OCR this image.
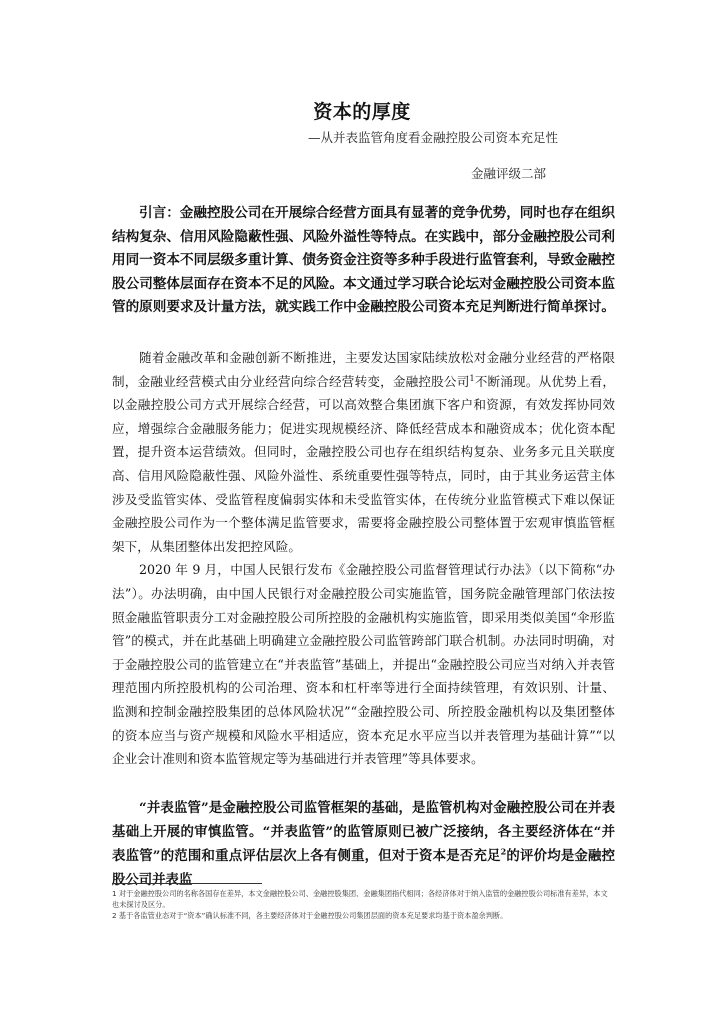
资本的厚度
—从并表监管角度看金融控股公司资本充足性
金融评级二部

引言：金融控股公司在开展综合经营方面具有显著的竞争优势，同时也存在组织结构复杂、信用风险隐蔽性强、风险外溢性等特点。在实践中，部分金融控股公司利用同一资本不同层级多重计算、债务资金注资等多种手段进行监管套利，导致金融控股公司整体层面存在资本不足的风险。本文通过学习联合论坛对金融控股公司资本监管的原则要求及计量方法，就实践工作中金融控股公司资本充足判断进行简单探讨。

随着金融改革和金融创新不断推进，主要发达国家陆续放松对金融分业经营的严格限制，金融业经营模式由分业经营向综合经营转变，金融控股公司$^1$不断涌现。从优势上看，以金融控股公司方式开展综合经营，可以高效整合集团旗下客户和资源，有效发挥协同效应，增强综合金融服务能力；促进实现规模经济、降低经营成本和融资成本；优化资本配置，提升资本运营绩效。但同时，金融控股公司也存在组织结构复杂、业务多元且关联度高、信用风险隐蔽性强、风险外溢性、系统重要性强等特点，同时，由于其业务运营主体涉及受监管实体、受监管程度偏弱实体和未受监管实体，在传统分业监管模式下难以保证金融控股公司作为一个整体满足监管要求，需要将金融控股公司整体置于宏观审慎监管框架下，从集团整体出发把控风险。

2020 年 9 月，中国人民银行发布《金融控股公司监督管理试行办法》（以下简称“办法”）。办法明确，由中国人民银行对金融控股公司实施监管，国务院金融管理部门依法按照金融监管职责分工对金融控股公司所控股的金融机构实施监管，即采用类似美国“伞形监管”的模式，并在此基础上明确建立金融控股公司监管跨部门联合机制。办法同时明确，对于金融控股公司的监管建立在“并表监管”基础上，并提出“金融控股公司应当对纳入并表管理范围内所控股机构的公司治理、资本和杠杆率等进行全面持续管理，有效识别、计量、监测和控制金融控股集团的总体风险状况”“金融控股公司、所控股金融机构以及集团整体的资本应当与资产规模和风险水平相适应，资本充足水平应当以并表管理为基础计算”“以企业会计准则和资本监管规定等为基础进行并表管理”等具体要求。

“并表监管”是金融控股公司监管框架的基础，是监管机构对金融控股公司在并表基础上开展的审慎监管。“并表监管”的监管原则已被广泛接纳，各主要经济体在“并表监管”的范围和重点评估层次上各有侧重，但对于资本是否充足$^2$的评价均是金融控股公司并表监

1 对于金融控股公司的名称各国存在差异，本文金融控股公司、金融控股集团、金融集团指代相同；各经济体对于纳入监管的金融控股公司标准有差异，本文也未探讨及区分。

2 基于各监管业态对于“资本”确认标准不同，各主要经济体对于金融控股公司集团层面的资本充足要求均基于资本盈余判断。
